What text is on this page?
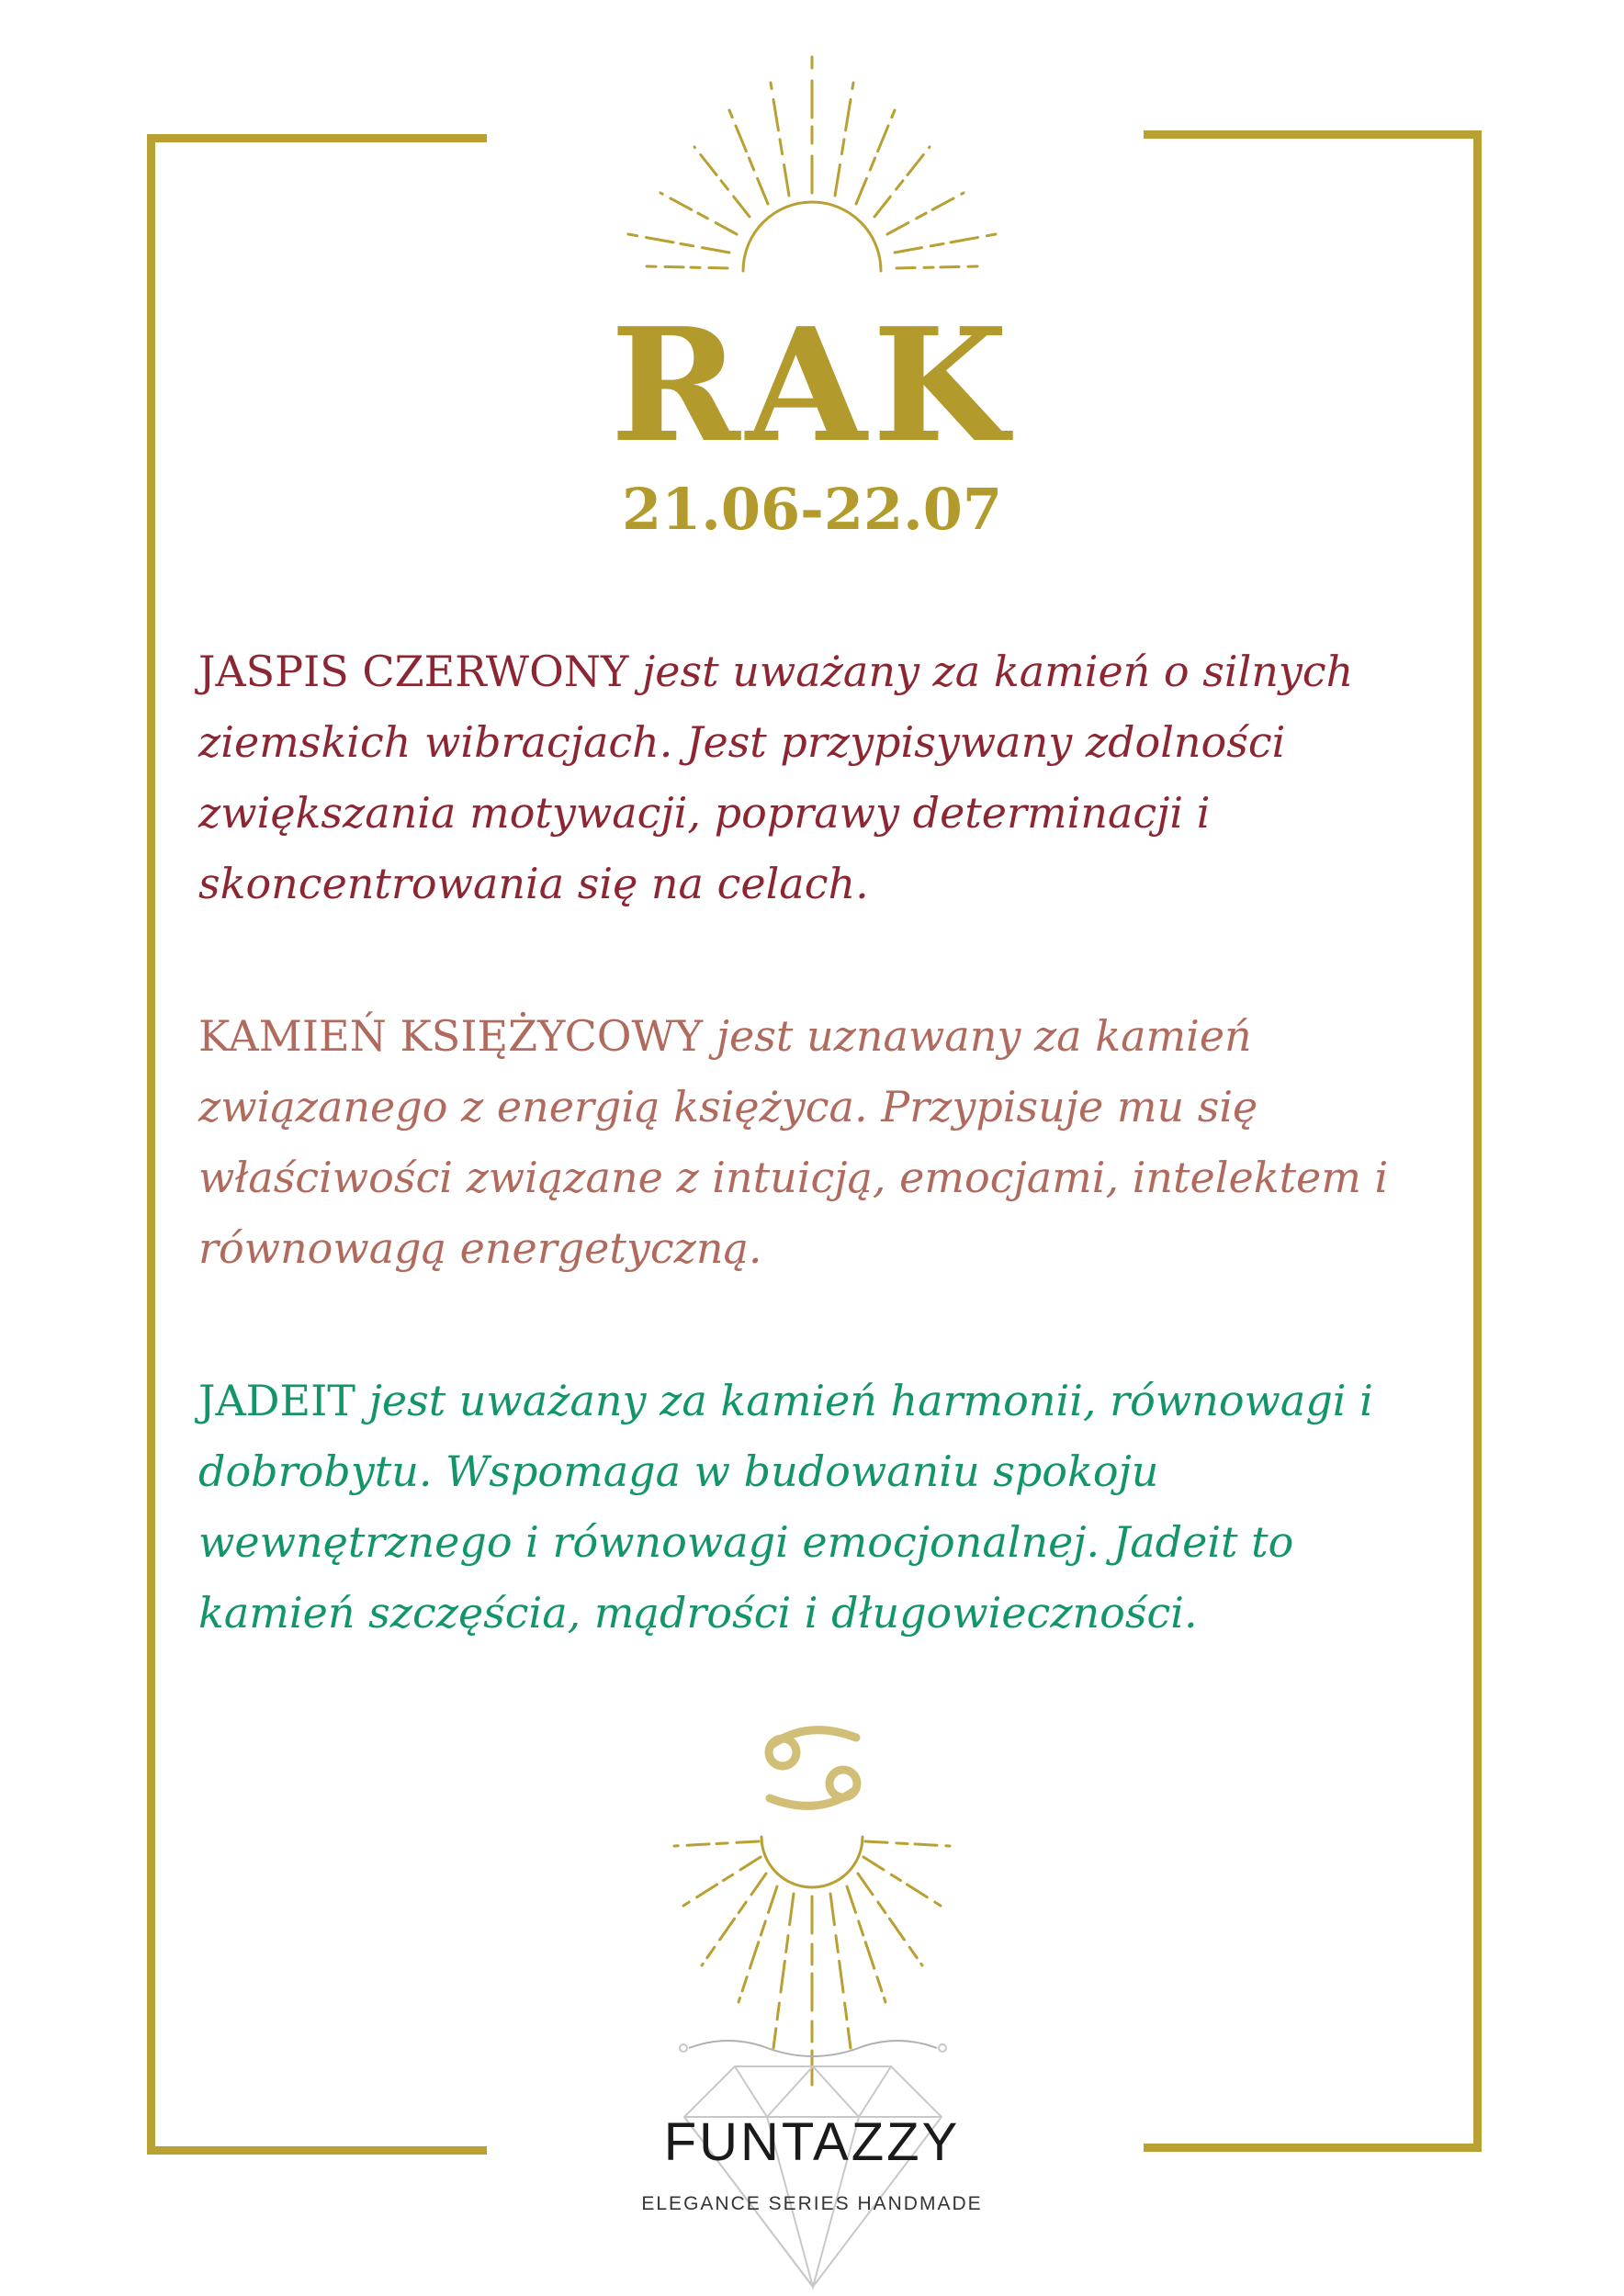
RAK
21.06-22.07

JASPIS CZERWONY jest uważany za kamień o silnych ziemskich wibracjach. Jest przypisywany zdolności zwiększania motywacji, poprawy determinacji i skoncentrowania się na celach.

KAMIEŃ KSIĘŻYCOWY jest uznawany za kamień związanego z energią księżyca. Przypisuje mu się właściwości związane z intuicją, emocjami, intelektem i równowagą energetyczną.

JADEIT jest uważany za kamień harmonii, równowagi i dobrobytu. Wspomaga w budowaniu spokoju wewnętrznego i równowagi emocjonalnej. Jadeit to kamień szczęścia, mądrości i długowieczności.

FUNTAZZY
ELEGANCE SERIES HANDMADE
